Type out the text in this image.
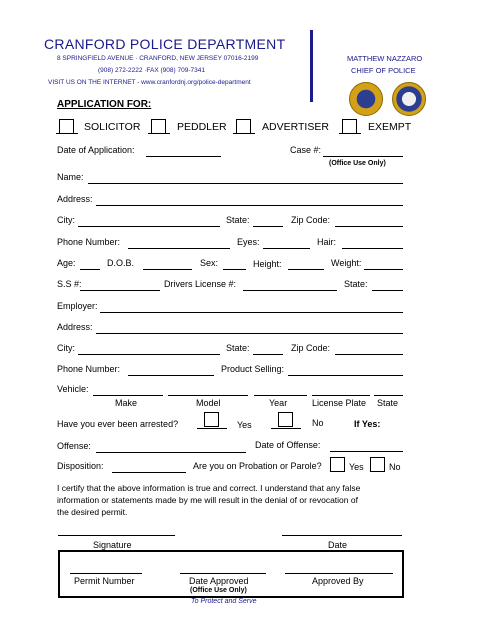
CRANFORD POLICE DEPARTMENT
8 SPRINGFIELD AVENUE · CRANFORD, NEW JERSEY 07016-2199
(908) 272-2222 ·FAX (908) 709-7341
VISIT US ON THE INTERNET - www.cranfordnj.org/police-department
MATTHEW NAZZARO
CHIEF OF POLICE
APPLICATION FOR:
SOLICITOR	PEDDLER	ADVERTISER	EXEMPT
Date of Application:	Case #:
(Office Use Only)
Name:
Address:
City:	State:	Zip Code:
Phone Number:	Eyes:	Hair:
Age:	D.O.B.	Sex:	Height:	Weight:
S.S #:	Drivers License #:	State:
Employer:
Address:
City:	State:	Zip Code:
Phone Number:	Product Selling:
Vehicle:
Make	Model	Year	License Plate State
Have you ever been arrested?	Yes	No	If Yes:
Offense:	Date of Offense:
Disposition:	Are you on Probation or Parole?	Yes	No
I certify that the above information is true and correct. I understand that any false
information or statements made by me will result in the denial of or revocation of
the desired permit.
Signature	Date
Permit Number	Date Approved	Approved By
(Office Use Only)
To Protect and Serve
